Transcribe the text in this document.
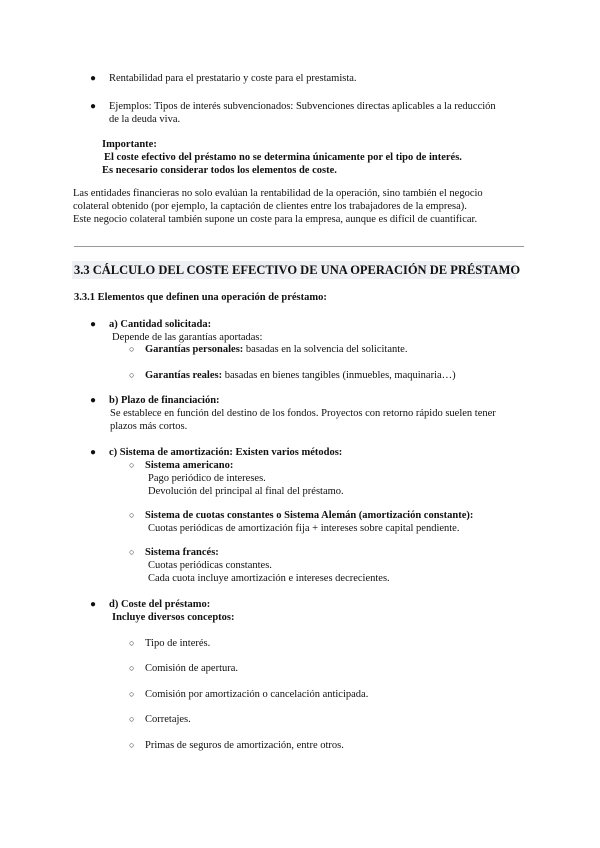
● Rentabilidad para el prestatario y coste para el prestamista.
● Ejemplos: Tipos de interés subvencionados: Subvenciones directas aplicables a la reducción
de la deuda viva.
Importante:
El coste efectivo del préstamo no se determina únicamente por el tipo de interés.
Es necesario considerar todos los elementos de coste.
Las entidades financieras no solo evalúan la rentabilidad de la operación, sino también el negocio
colateral obtenido (por ejemplo, la captación de clientes entre los trabajadores de la empresa).
Este negocio colateral también supone un coste para la empresa, aunque es difícil de cuantificar.
3.3 CÁLCULO DEL COSTE EFECTIVO DE UNA OPERACIÓN DE PRÉSTAMO
3.3.1 Elementos que definen una operación de préstamo:
● a) Cantidad solicitada:
Depende de las garantías aportadas:
○ Garantías personales: basadas en la solvencia del solicitante.
○ Garantías reales: basadas en bienes tangibles (inmuebles, maquinaria…)
● b) Plazo de financiación:
Se establece en función del destino de los fondos. Proyectos con retorno rápido suelen tener
plazos más cortos.
● c) Sistema de amortización: Existen varios métodos:
○ Sistema americano:
Pago periódico de intereses.
Devolución del principal al final del préstamo.
○ Sistema de cuotas constantes o Sistema Alemán (amortización constante):
Cuotas periódicas de amortización fija + intereses sobre capital pendiente.
○ Sistema francés:
Cuotas periódicas constantes.
Cada cuota incluye amortización e intereses decrecientes.
● d) Coste del préstamo:
Incluye diversos conceptos:
○ Tipo de interés.
○ Comisión de apertura.
○ Comisión por amortización o cancelación anticipada.
○ Corretajes.
○ Primas de seguros de amortización, entre otros.
